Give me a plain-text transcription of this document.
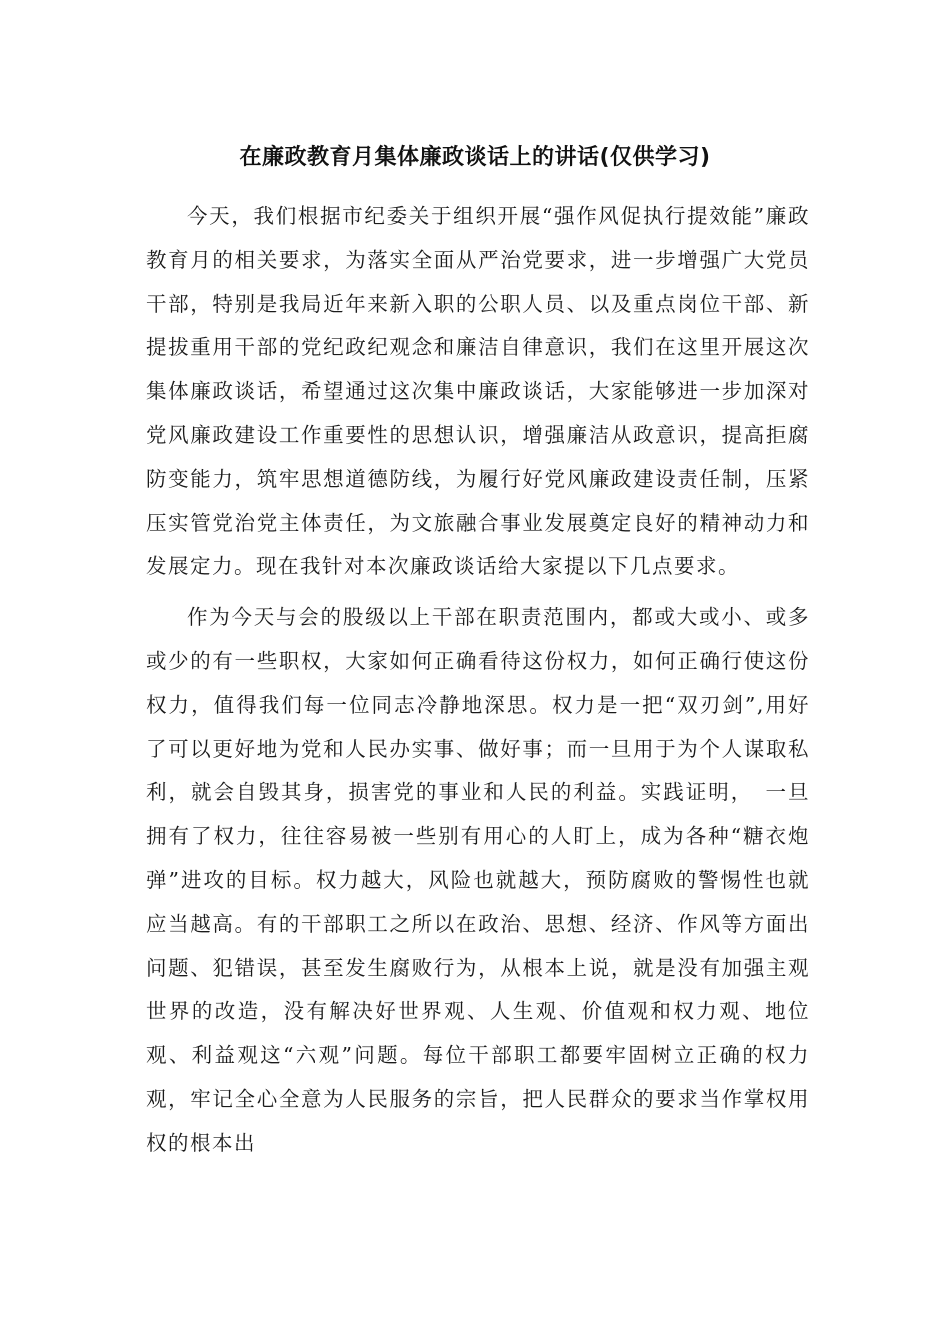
在廉政教育月集体廉政谈话上的讲话(仅供学习)

今天，我们根据市纪委关于组织开展“强作风促执行提效能”廉政教育月的相关要求，为落实全面从严治党要求，进一步增强广大党员干部，特别是我局近年来新入职的公职人员、以及重点岗位干部、新提拔重用干部的党纪政纪观念和廉洁自律意识，我们在这里开展这次集体廉政谈话，希望通过这次集中廉政谈话，大家能够进一步加深对党风廉政建设工作重要性的思想认识，增强廉洁从政意识，提高拒腐防变能力，筑牢思想道德防线，为履行好党风廉政建设责任制，压紧压实管党治党主体责任，为文旅融合事业发展奠定良好的精神动力和发展定力。现在我针对本次廉政谈话给大家提以下几点要求。

作为今天与会的股级以上干部在职责范围内，都或大或小、或多或少的有一些职权，大家如何正确看待这份权力，如何正确行使这份权力，值得我们每一位同志冷静地深思。权力是一把“双刃剑”,用好了可以更好地为党和人民办实事、做好事；而一旦用于为个人谋取私利，就会自毁其身，损害党的事业和人民的利益。实践证明，　一旦拥有了权力，往往容易被一些别有用心的人盯上，成为各种“糖衣炮弹”进攻的目标。权力越大，风险也就越大，预防腐败的警惕性也就应当越高。有的干部职工之所以在政治、思想、经济、作风等方面出问题、犯错误，甚至发生腐败行为，从根本上说，就是没有加强主观世界的改造，没有解决好世界观、人生观、价值观和权力观、地位观、利益观这“六观”问题。每位干部职工都要牢固树立正确的权力观，牢记全心全意为人民服务的宗旨，把人民群众的要求当作掌权用权的根本出
